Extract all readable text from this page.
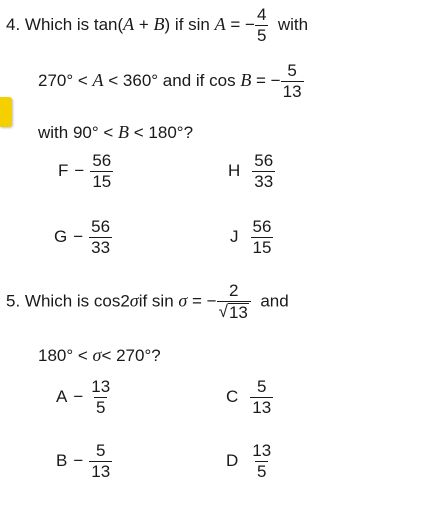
4. Which is tan(A + B) if sin A = − $\frac{4}{5}$ with
270° < A < 360° and if cos B = − $\frac{5}{13}$
with 90° < B < 180°?
$F - \frac{56}{15}$	H $\frac{56}{33}$
$G - \frac{56}{33}$	J $\frac{56}{15}$
5. Which is cos2σif sin σ = − $\frac{2}{√ 13}$ and
180° < σ< 270°?
$A - \frac{13}{5}$	C $\frac{5}{13}$
$B - \frac{5}{13}$	D $\frac{13}{5}$
